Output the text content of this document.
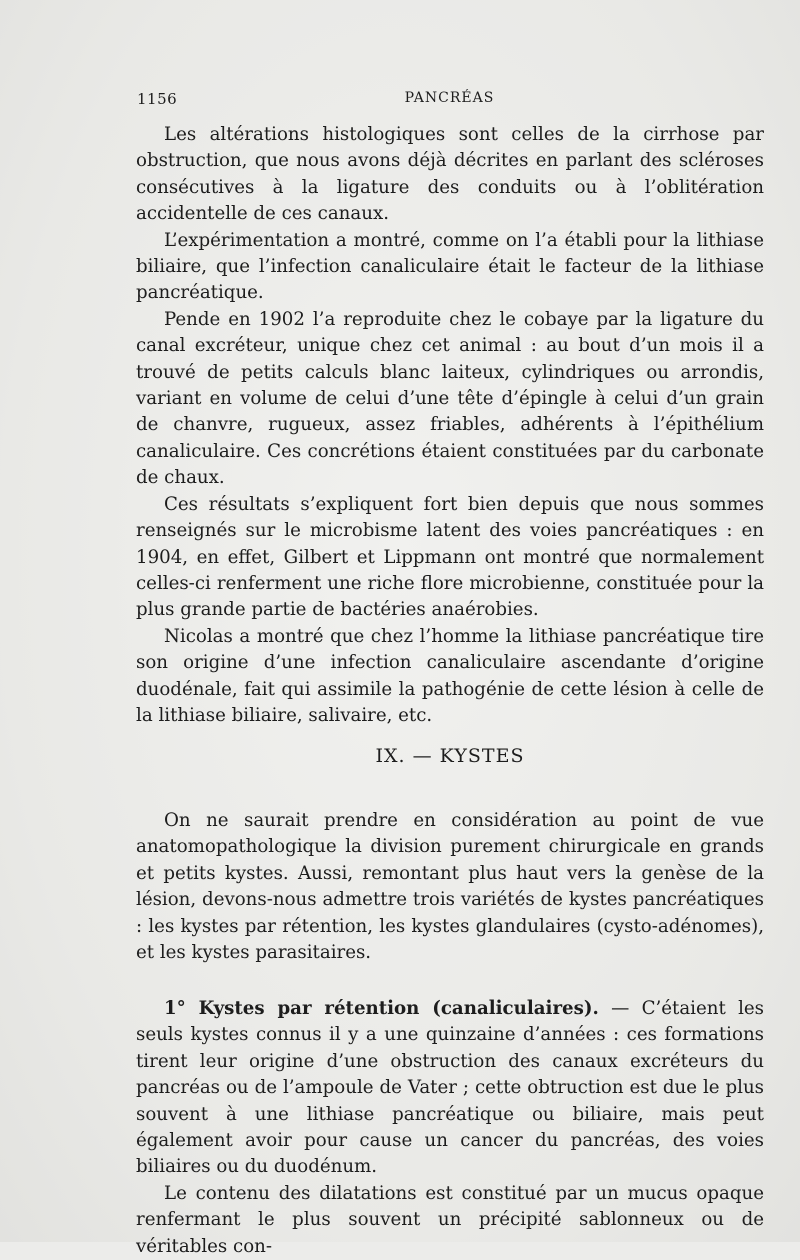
1156	PANCRÉAS

Les altérations histologiques sont celles de la cirrhose par obstruction, que nous avons déjà décrites en parlant des scléroses consécutives à la ligature des conduits ou à l’oblitération accidentelle de ces canaux.

L’expérimentation a montré, comme on l’a établi pour la lithiase biliaire, que l’infection canaliculaire était le facteur de la lithiase pancréatique.

Pende en 1902 l’a reproduite chez le cobaye par la ligature du canal excréteur, unique chez cet animal : au bout d’un mois il a trouvé de petits calculs blanc laiteux, cylindriques ou arrondis, variant en volume de celui d’une tête d’épingle à celui d’un grain de chanvre, rugueux, assez friables, adhérents à l’épithélium canaliculaire. Ces concrétions étaient constituées par du carbonate de chaux.

Ces résultats s’expliquent fort bien depuis que nous sommes renseignés sur le microbisme latent des voies pancréatiques : en 1904, en effet, Gilbert et Lippmann ont montré que normalement celles-ci renferment une riche flore microbienne, constituée pour la plus grande partie de bactéries anaérobies.

Nicolas a montré que chez l’homme la lithiase pancréatique tire son origine d’une infection canaliculaire ascendante d’origine duodénale, fait qui assimile la pathogénie de cette lésion à celle de la lithiase biliaire, salivaire, etc.

IX. — KYSTES

On ne saurait prendre en considération au point de vue anatomopathologique la division purement chirurgicale en grands et petits kystes. Aussi, remontant plus haut vers la genèse de la lésion, devons-nous admettre trois variétés de kystes pancréatiques : les kystes par rétention, les kystes glandulaires (cysto-adénomes), et les kystes parasitaires.

1° Kystes par rétention (canaliculaires). — C’étaient les seuls kystes connus il y a une quinzaine d’années : ces formations tirent leur origine d’une obstruction des canaux excréteurs du pancréas ou de l’ampoule de Vater ; cette obtruction est due le plus souvent à une lithiase pancréatique ou biliaire, mais peut également avoir pour cause un cancer du pancréas, des voies biliaires ou du duodénum.

Le contenu des dilatations est constitué par un mucus opaque renfermant le plus souvent un précipité sablonneux ou de véritables con-
